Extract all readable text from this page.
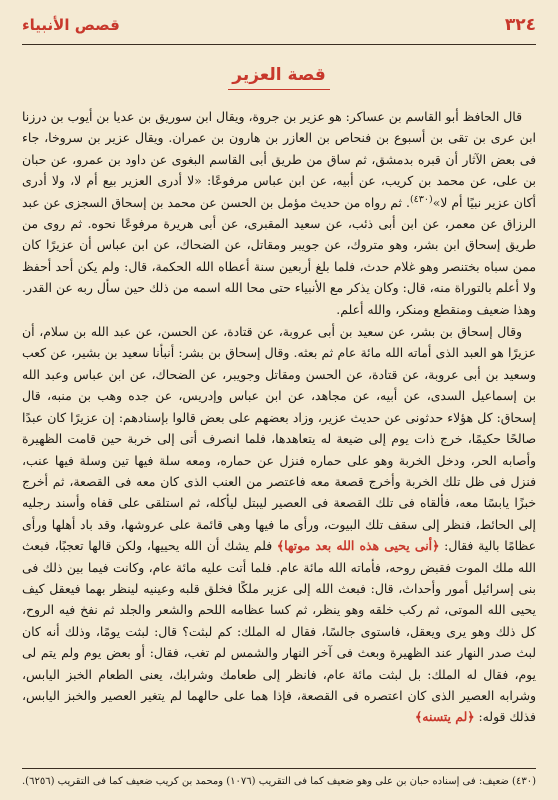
٣٢٤
قصص الأنبياء
قصة العزير

قال الحافظ أبو القاسم بن عساكر: هو عزير بن جروة، ويقال ابن سوريق بن عديا بن أيوب بن درزنا ابن عرى بن تقى بن أسبوع بن فنحاص بن العازر بن هارون بن عمران. ويقال عزير بن سروخا، جاء فى بعض الآثار أن قبره بدمشق، ثم ساق من طريق أبى القاسم البغوى عن داود بن عمرو، عن حبان بن على، عن محمد بن كريب، عن أبيه، عن ابن عباس مرفوعًا: «لا أدرى العزير بيع أم لا، ولا أدرى أكان عزير نبيًا أم لا»$^{(٤٣٠)}$. ثم رواه من حديث مؤمل بن الحسن عن محمد بن إسحاق السجزى عن عبد الرزاق عن معمر، عن ابن أبى ذئب، عن سعيد المقبرى، عن أبى هريرة مرفوعًا نحوه. ثم روى من طريق إسحاق ابن بشر، وهو متروك، عن جويبر ومقاتل، عن الضحاك، عن ابن عباس أن عزيرًا كان ممن سباه بختنصر وهو غلام حدث، فلما بلغ أربعين سنة أعطاه الله الحكمة، قال: ولم يكن أحد أحفظ ولا أعلم بالتوراة منه، قال: وكان يذكر مع الأنبياء حتى محا الله اسمه من ذلك حين سأل ربه عن القدر. وهذا ضعيف ومنقطع ومنكر، والله أعلم.

وقال إسحاق بن بشر، عن سعيد بن أبى عروبة، عن قتادة، عن الحسن، عن عبد الله بن سلام، أن عزيرًا هو العبد الذى أماته الله مائة عام ثم بعثه. وقال إسحاق بن بشر: أنبأنا سعيد بن بشير، عن كعب وسعيد بن أبى عروبة، عن قتادة، عن الحسن ومقاتل وجويبر، عن الضحاك، عن ابن عباس وعبد الله بن إسماعيل السدى، عن أبيه، عن مجاهد، عن ابن عباس وإدريس، عن جده وهب بن منبه، قال إسحاق: كل هؤلاء حدثونى عن حديث عزير، وزاد بعضهم على بعض قالوا بإسنادهم: إن عزيرًا كان عبدًا صالحًا حكيمًا، خرج ذات يوم إلى ضيعة له يتعاهدها، فلما انصرف أتى إلى خربة حين قامت الظهيرة وأصابه الحر، ودخل الخربة وهو على حماره فنزل عن حماره، ومعه سلة فيها تين وسلة فيها عنب، فنزل فى ظل تلك الخربة وأخرج قصعة معه فاعتصر من العنب الذى كان معه فى القصعة، ثم أخرج خبزًا يابسًا معه، فألقاه فى تلك القصعة فى العصير ليبتل ليأكله، ثم استلقى على قفاه وأسند رجليه إلى الحائط، فنظر إلى سقف تلك البيوت، ورأى ما فيها وهى قائمة على عروشها، وقد باد أهلها ورأى عظامًا بالية فقال: ﴿أنى يحيى هذه الله بعد موتها﴾ فلم يشك أن الله يحييها، ولكن قالها تعجبًا، فبعث الله ملك الموت فقبض روحه، فأماته الله مائة عام. فلما أتت عليه مائة عام، وكانت فيما بين ذلك فى بنى إسرائيل أمور وأحداث، قال: فبعث الله إلى عزير ملكًا فخلق قلبه وعينيه لينظر بهما فيعقل كيف يحيى الله الموتى، ثم ركب خلقه وهو ينظر، ثم كسا عظامه اللحم والشعر والجلد ثم نفخ فيه الروح، كل ذلك وهو يرى ويعقل، فاستوى جالسًا، فقال له الملك: كم لبثت؟ قال: لبثت يومًا، وذلك أنه كان لبث صدر النهار عند الظهيرة وبعث فى آخر النهار والشمس لم تغب، فقال: أو بعض يوم ولم يتم لى يوم، فقال له الملك: بل لبثت مائة عام، فانظر إلى طعامك وشرابك، يعنى الطعام الخبز اليابس، وشرابه العصير الذى كان اعتصره فى القصعة، فإذا هما على حالهما لم يتغير العصير والخبز اليابس، فذلك قوله: ﴿لم يتسنه﴾

(٤٣٠) ضعيف: فى إسناده حبان بن على وهو ضعيف كما فى التقريب (١٠٧٦) ومحمد بن كريب ضعيف كما فى التقريب (٦٢٥٦).
